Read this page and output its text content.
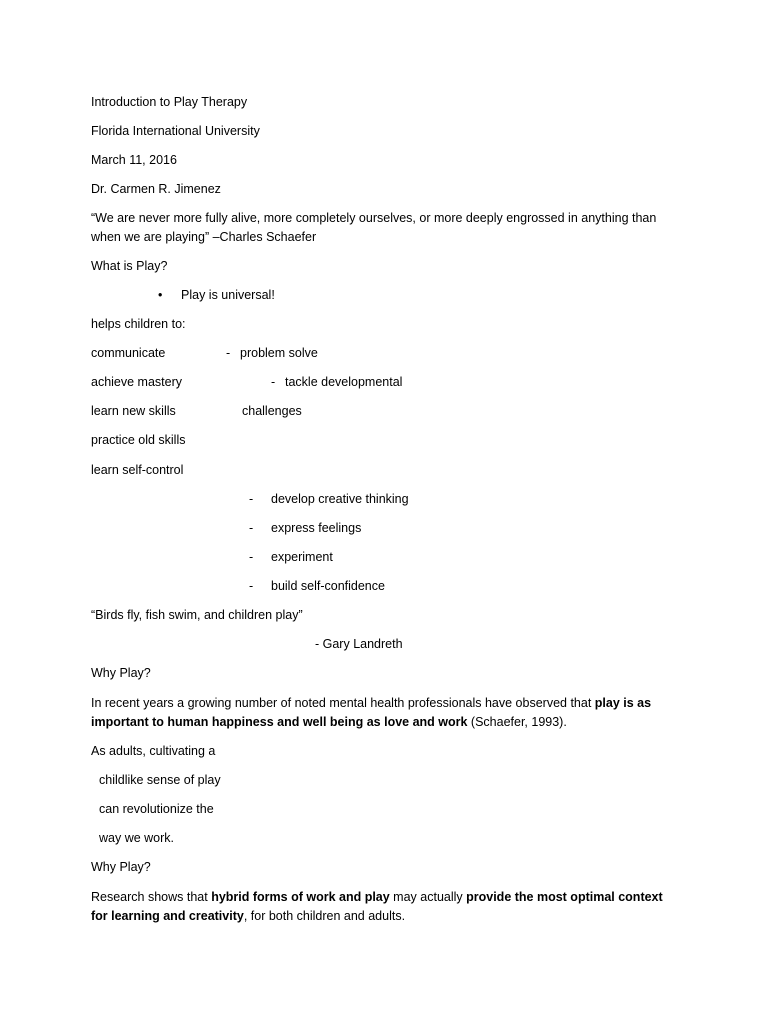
Introduction to Play Therapy
Florida International University
March 11, 2016
Dr. Carmen R. Jimenez
“We are never more fully alive, more completely ourselves, or more deeply engrossed in anything than
when we are playing” –Charles Schaefer
What is Play?
• Play is universal!
helps children to:
communicate	- problem solve
achieve mastery	- tackle developmental
learn new skills	challenges
practice old skills
learn self-control
- develop creative thinking
- express feelings
- experiment
- build self-confidence
“Birds fly, fish swim, and children play”
- Gary Landreth
Why Play?
In recent years a growing number of noted mental health professionals have observed that play is as important to human happiness and well being as love and work (Schaefer, 1993).
As adults, cultivating a
childlike sense of play
can revolutionize the
way we work.
Why Play?
Research shows that hybrid forms of work and play may actually provide the most optimal context for learning and creativity, for both children and adults.
